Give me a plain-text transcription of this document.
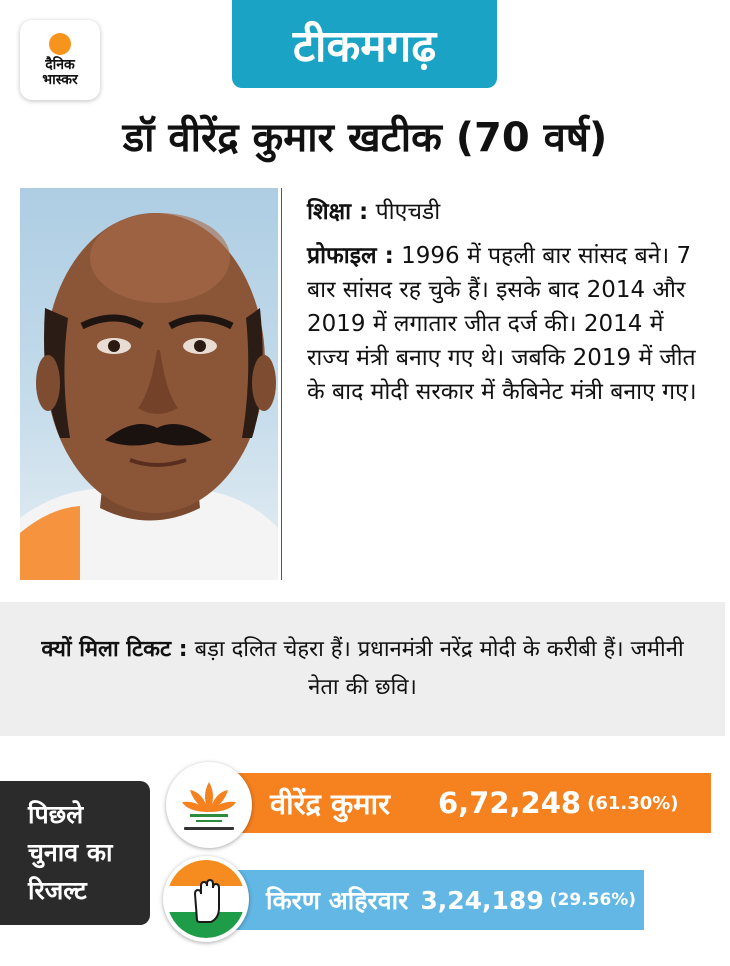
दैनिक
भास्कर
टीकमगढ़
डॉ वीरेंद्र कुमार खटीक (70 वर्ष)
शिक्षा : पीएचडी
प्रोफाइल : 1996 में पहली बार सांसद बने। 7 बार सांसद रह चुके हैं। इसके बाद 2014 और 2019 में लगातार जीत दर्ज की। 2014 में राज्य मंत्री बनाए गए थे। जबकि 2019 में जीत के बाद मोदी सरकार में कैबिनेट मंत्री बनाए गए।
क्यों मिला टिकट : बड़ा दलित चेहरा हैं। प्रधानमंत्री नरेंद्र मोदी के करीबी हैं। जमीनी नेता की छवि।
पिछले
चुनाव का
रिजल्ट
वीरेंद्र कुमार 6,72,248 (61.30%)
किरण अहिरवार 3,24,189 (29.56%)
